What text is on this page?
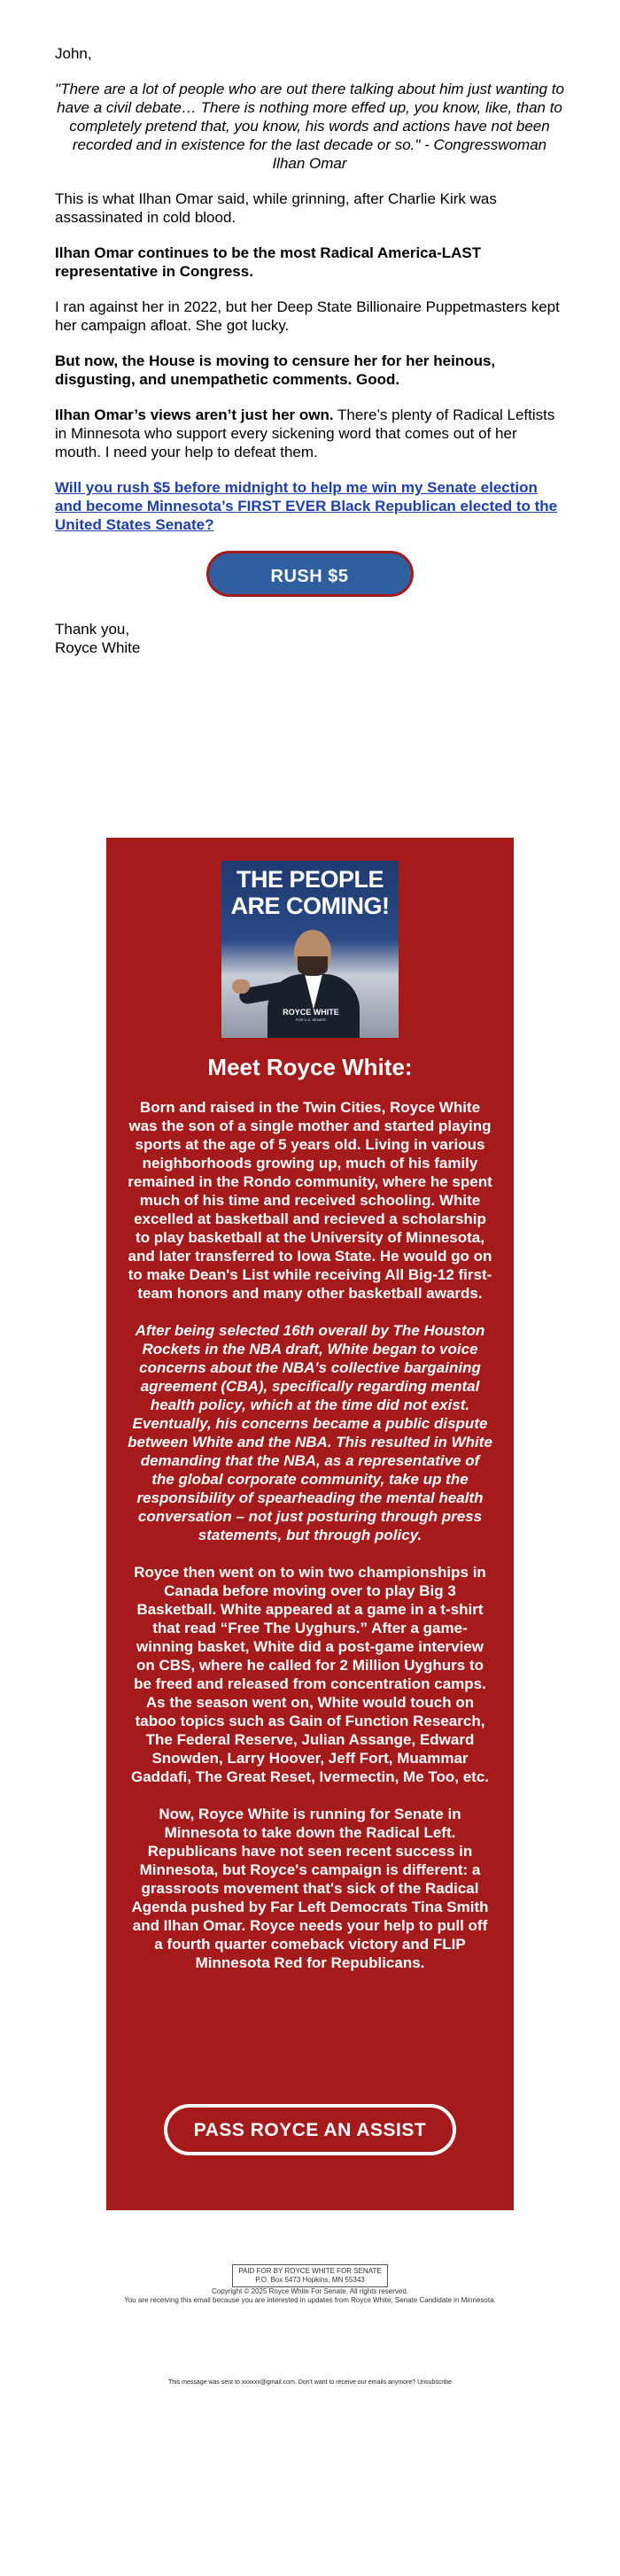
John,

"There are a lot of people who are out there talking about him just wanting to have a civil debate… There is nothing more effed up, you know, like, than to completely pretend that, you know, his words and actions have not been recorded and in existence for the last decade or so." - Congresswoman Ilhan Omar

This is what Ilhan Omar said, while grinning, after Charlie Kirk was assassinated in cold blood.

Ilhan Omar continues to be the most Radical America-LAST representative in Congress.

I ran against her in 2022, but her Deep State Billionaire Puppetmasters kept her campaign afloat. She got lucky.

But now, the House is moving to censure her for her heinous, disgusting, and unempathetic comments. Good.

Ilhan Omar’s views aren’t just her own. There’s plenty of Radical Leftists in Minnesota who support every sickening word that comes out of her mouth. I need your help to defeat them.

Will you rush $5 before midnight to help me win my Senate election and become Minnesota’s FIRST EVER Black Republican elected to the United States Senate?

RUSH $5

Thank you,

Royce White

THE PEOPLE ARE COMING!
ROYCE WHITE
FOR U.S. SENATE
Meet Royce White:

Born and raised in the Twin Cities, Royce White was the son of a single mother and started playing sports at the age of 5 years old. Living in various neighborhoods growing up, much of his family remained in the Rondo community, where he spent much of his time and received schooling. White excelled at basketball and recieved a scholarship to play basketball at the University of Minnesota, and later transferred to Iowa State. He would go on to make Dean's List while receiving All Big-12 first-team honors and many other basketball awards.

After being selected 16th overall by The Houston Rockets in the NBA draft, White began to voice concerns about the NBA's collective bargaining agreement (CBA), specifically regarding mental health policy, which at the time did not exist. Eventually, his concerns became a public dispute between White and the NBA. This resulted in White demanding that the NBA, as a representative of the global corporate community, take up the responsibility of spearheading the mental health conversation – not just posturing through press statements, but through policy.

Royce then went on to win two championships in Canada before moving over to play Big 3 Basketball. White appeared at a game in a t-shirt that read “Free The Uyghurs.” After a game-winning basket, White did a post-game interview on CBS, where he called for 2 Million Uyghurs to be freed and released from concentration camps. As the season went on, White would touch on taboo topics such as Gain of Function Research, The Federal Reserve, Julian Assange, Edward Snowden, Larry Hoover, Jeff Fort, Muammar Gaddafi, The Great Reset, Ivermectin, Me Too, etc.

Now, Royce White is running for Senate in Minnesota to take down the Radical Left. Republicans have not seen recent success in Minnesota, but Royce's campaign is different: a grassroots movement that's sick of the Radical Agenda pushed by Far Left Democrats Tina Smith and Ilhan Omar. Royce needs your help to pull off a fourth quarter comeback victory and FLIP Minnesota Red for Republicans.

PASS ROYCE AN ASSIST
PAID FOR BY ROYCE WHITE FOR SENATE
P.O. Box 5473 Hopkins, MN 55343

Copyright © 2025 Royce White For Senate, All rights reserved.

You are receiving this email because you are interested in updates from Royce White, Senate Candidate in Minnesota.

This message was sent to xxxxxx@gmail.com. Don't want to receive our emails anymore? Unsubscribe
